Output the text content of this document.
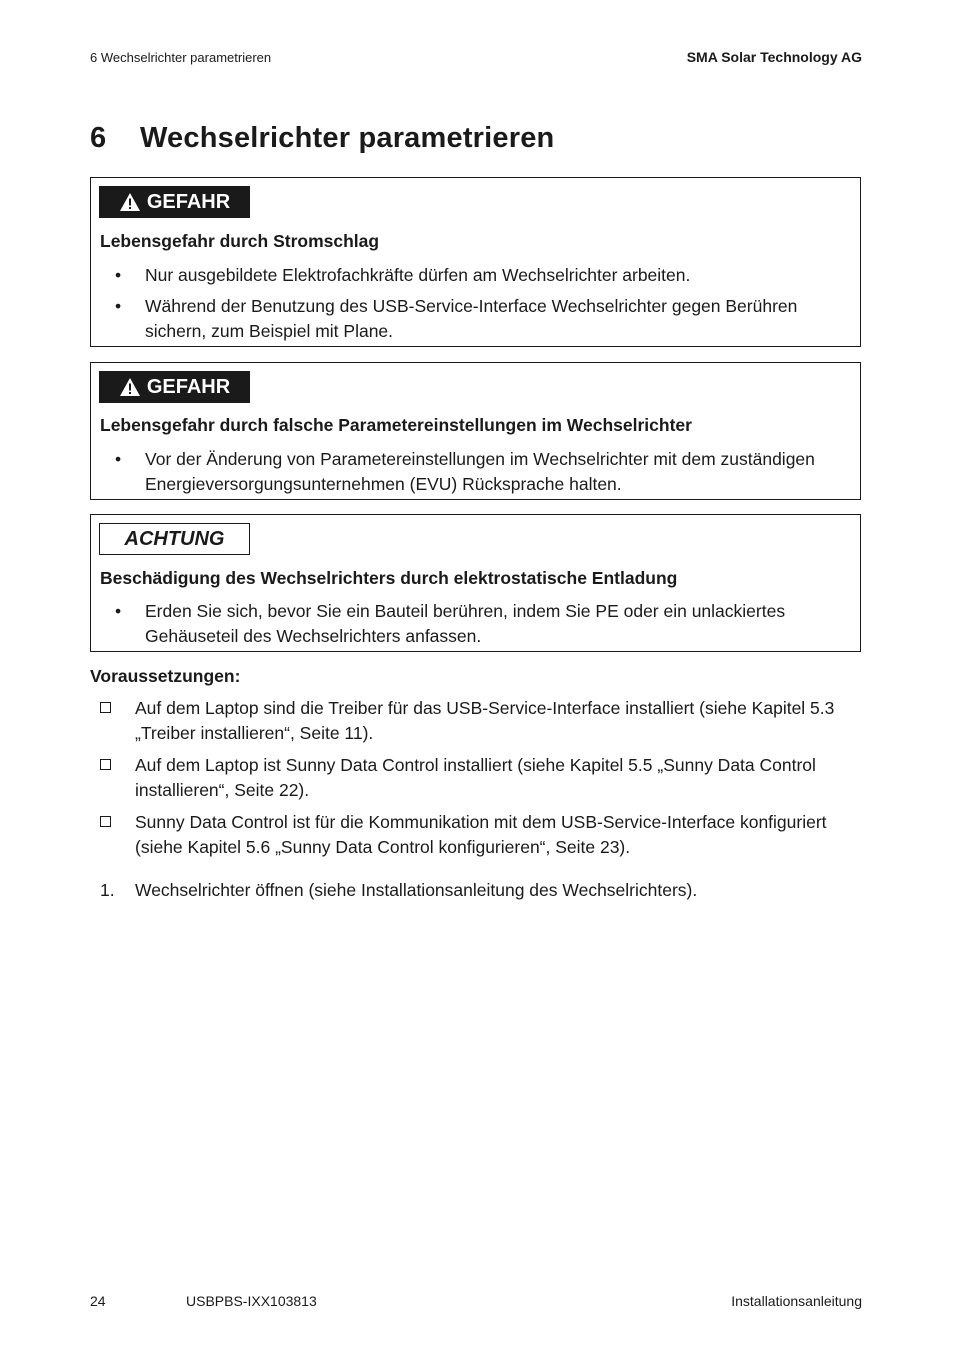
6 Wechselrichter parametrieren	SMA Solar Technology AG
6 Wechselrichter parametrieren
GEFAHR

Lebensgefahr durch Stromschlag

• Nur ausgebildete Elektrofachkräfte dürfen am Wechselrichter arbeiten.
• Während der Benutzung des USB-Service-Interface Wechselrichter gegen Berühren sichern, zum Beispiel mit Plane.
GEFAHR

Lebensgefahr durch falsche Parametereinstellungen im Wechselrichter

• Vor der Änderung von Parametereinstellungen im Wechselrichter mit dem zuständigen Energieversorgungsunternehmen (EVU) Rücksprache halten.
ACHTUNG

Beschädigung des Wechselrichters durch elektrostatische Entladung

• Erden Sie sich, bevor Sie ein Bauteil berühren, indem Sie PE oder ein unlackiertes Gehäuseteil des Wechselrichters anfassen.

Voraussetzungen:

Auf dem Laptop sind die Treiber für das USB-Service-Interface installiert (siehe Kapitel 5.3 „Treiber installieren“, Seite 11).
Auf dem Laptop ist Sunny Data Control installiert (siehe Kapitel 5.5 „Sunny Data Control installieren“, Seite 22).
Sunny Data Control ist für die Kommunikation mit dem USB-Service-Interface konfiguriert (siehe Kapitel 5.6 „Sunny Data Control konfigurieren“, Seite 23).
1. Wechselrichter öffnen (siehe Installationsanleitung des Wechselrichters).
24	USBPBS-IXX103813	Installationsanleitung
